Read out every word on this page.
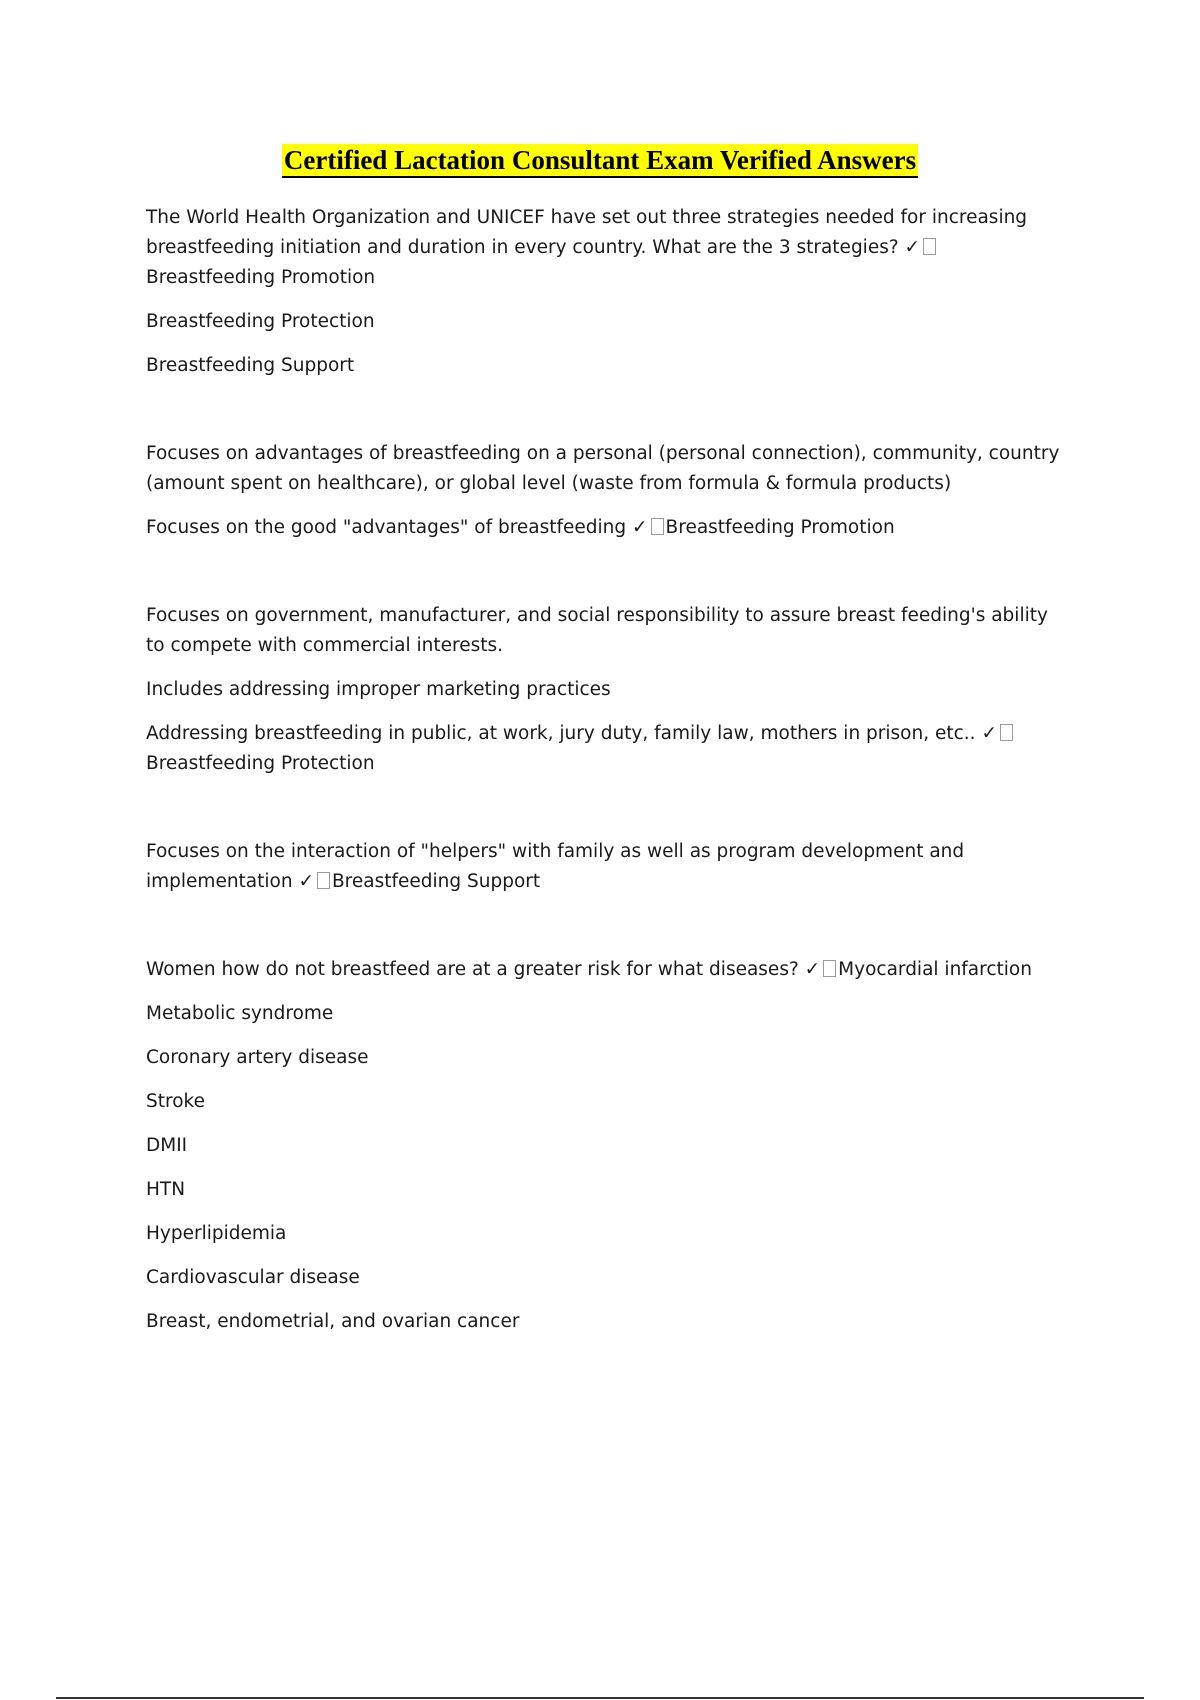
Certified Lactation Consultant Exam Verified Answers

The World Health Organization and UNICEF have set out three strategies needed for increasing breastfeeding initiation and duration in every country. What are the 3 strategies? ✓Breastfeeding Promotion

Breastfeeding Protection

Breastfeeding Support

Focuses on advantages of breastfeeding on a personal (personal connection), community, country (amount spent on healthcare), or global level (waste from formula & formula products)

Focuses on the good "advantages" of breastfeeding ✓ Breastfeeding Promotion

Focuses on government, manufacturer, and social responsibility to assure breast feeding's ability to compete with commercial interests.

Includes addressing improper marketing practices

Addressing breastfeeding in public, at work, jury duty, family law, mothers in prison, etc.. ✓Breastfeeding Protection

Focuses on the interaction of "helpers" with family as well as program development and implementation ✓ Breastfeeding Support

Women how do not breastfeed are at a greater risk for what diseases? ✓ Myocardial infarction

Metabolic syndrome

Coronary artery disease

Stroke

DMII

HTN

Hyperlipidemia

Cardiovascular disease

Breast, endometrial, and ovarian cancer
